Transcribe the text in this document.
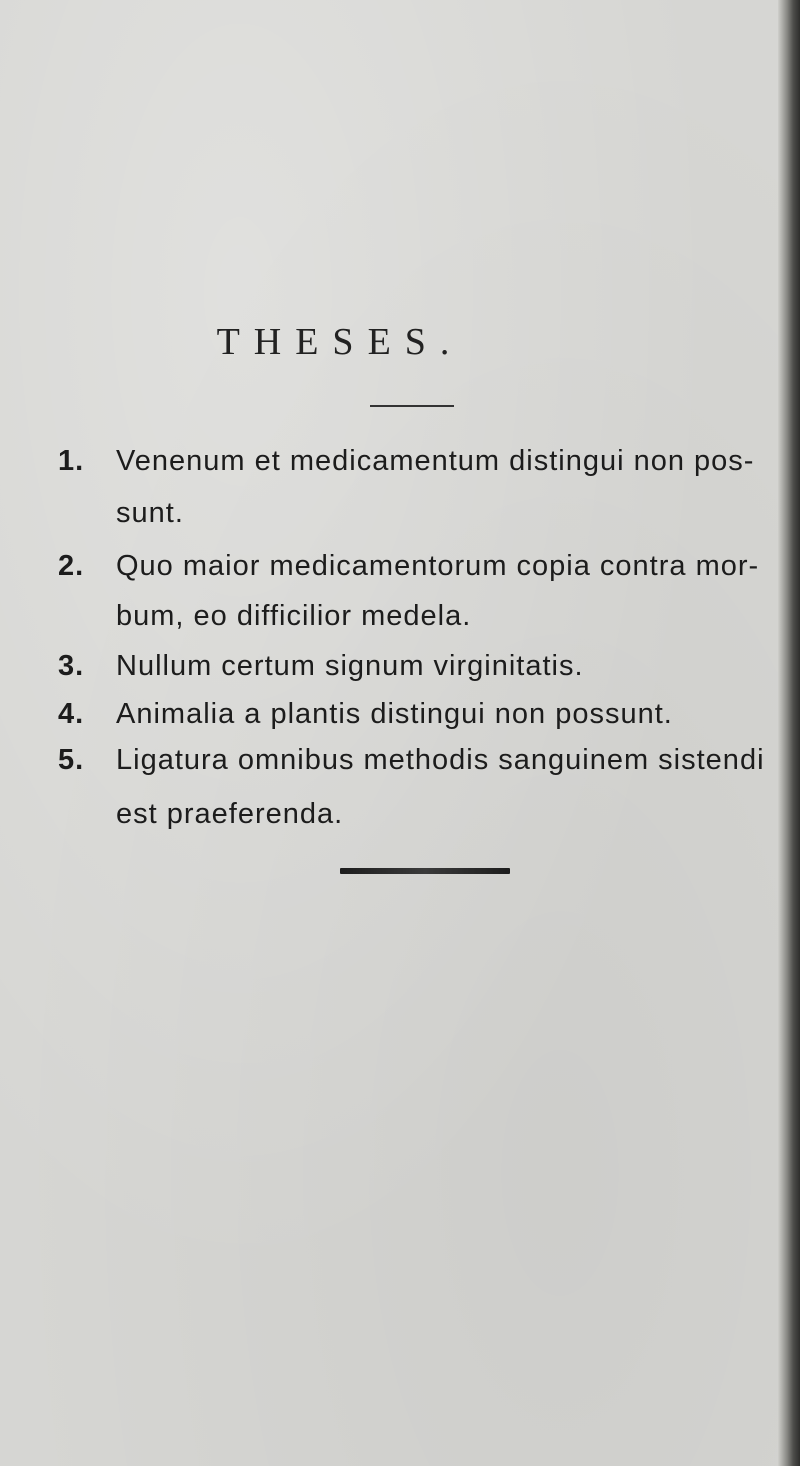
THESES.
1. Venenum et medicamentum distingui non pos-
sunt.
2. Quo maior medicamentorum copia contra mor-
bum, eo difficilior medela.
3. Nullum certum signum virginitatis.
4. Animalia a plantis distingui non possunt.
5. Ligatura omnibus methodis sanguinem sistendi
est praeferenda.
